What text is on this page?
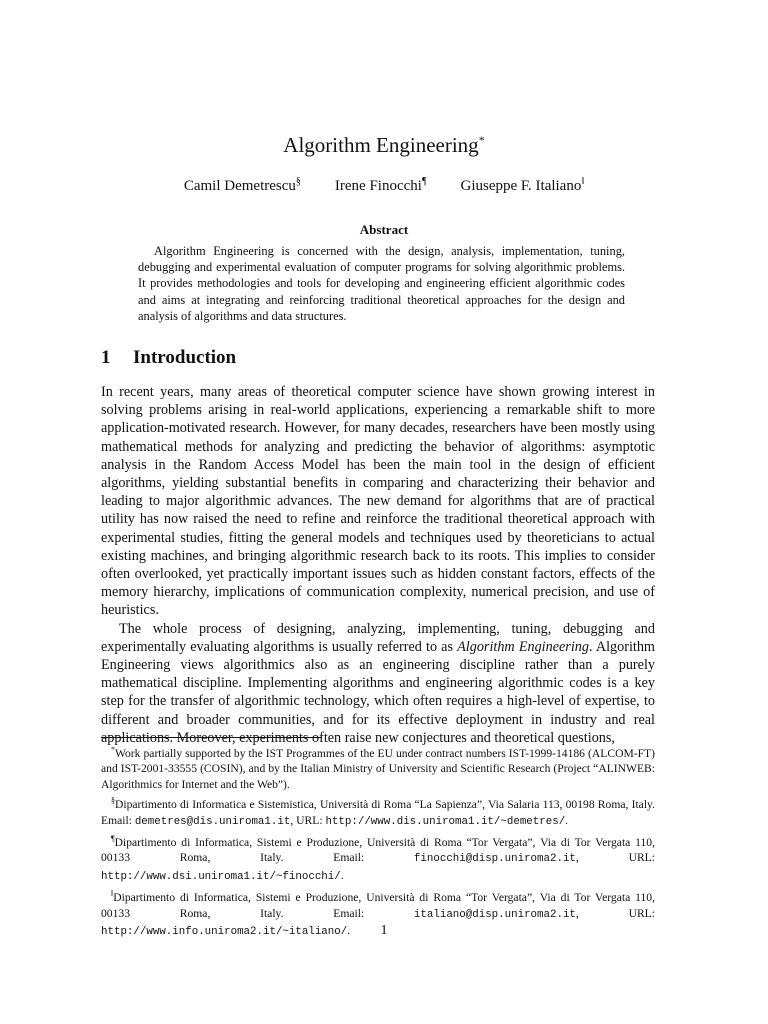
Algorithm Engineering*
Camil Demetrescu§ Irene Finocchi¶ Giuseppe F. Italiano‖
Abstract
Algorithm Engineering is concerned with the design, analysis, implementation, tuning, debugging and experimental evaluation of computer programs for solving algorithmic problems. It provides methodologies and tools for developing and engineering efficient algorithmic codes and aims at integrating and reinforcing traditional theoretical approaches for the design and analysis of algorithms and data structures.
1 Introduction

In recent years, many areas of theoretical computer science have shown growing interest in solving problems arising in real-world applications, experiencing a remarkable shift to more application-motivated research. However, for many decades, researchers have been mostly using mathematical methods for analyzing and predicting the behavior of algorithms: asymptotic analysis in the Random Access Model has been the main tool in the design of efficient algorithms, yielding substantial benefits in comparing and characterizing their behavior and leading to major algorithmic advances. The new demand for algorithms that are of practical utility has now raised the need to refine and reinforce the traditional theoretical approach with experimental studies, fitting the general models and techniques used by theoreticians to actual existing machines, and bringing algorithmic research back to its roots. This implies to consider often overlooked, yet practically important issues such as hidden constant factors, effects of the memory hierarchy, implications of communication complexity, numerical precision, and use of heuristics.

The whole process of designing, analyzing, implementing, tuning, debugging and experimentally evaluating algorithms is usually referred to as Algorithm Engineering. Algorithm Engineering views algorithmics also as an engineering discipline rather than a purely mathematical discipline. Implementing algorithms and engineering algorithmic codes is a key step for the transfer of algorithmic technology, which often requires a high-level of expertise, to different and broader communities, and for its effective deployment in industry and real applications. Moreover, experiments often raise new conjectures and theoretical questions,

*Work partially supported by the IST Programmes of the EU under contract numbers IST-1999-14186 (ALCOM-FT) and IST-2001-33555 (COSIN), and by the Italian Ministry of University and Scientific Research (Project “ALINWEB: Algorithmics for Internet and the Web”).
§Dipartimento di Informatica e Sistemistica, Università di Roma “La Sapienza”, Via Salaria 113, 00198 Roma, Italy. Email: demetres@dis.uniroma1.it, URL: http://www.dis.uniroma1.it/~demetres/.
¶Dipartimento di Informatica, Sistemi e Produzione, Università di Roma “Tor Vergata”, Via di Tor Vergata 110, 00133 Roma, Italy. Email: finocchi@disp.uniroma2.it, URL: http://www.dsi.uniroma1.it/~finocchi/.
‖Dipartimento di Informatica, Sistemi e Produzione, Università di Roma “Tor Vergata”, Via di Tor Vergata 110, 00133 Roma, Italy. Email: italiano@disp.uniroma2.it, URL: http://www.info.uniroma2.it/~italiano/.	1
